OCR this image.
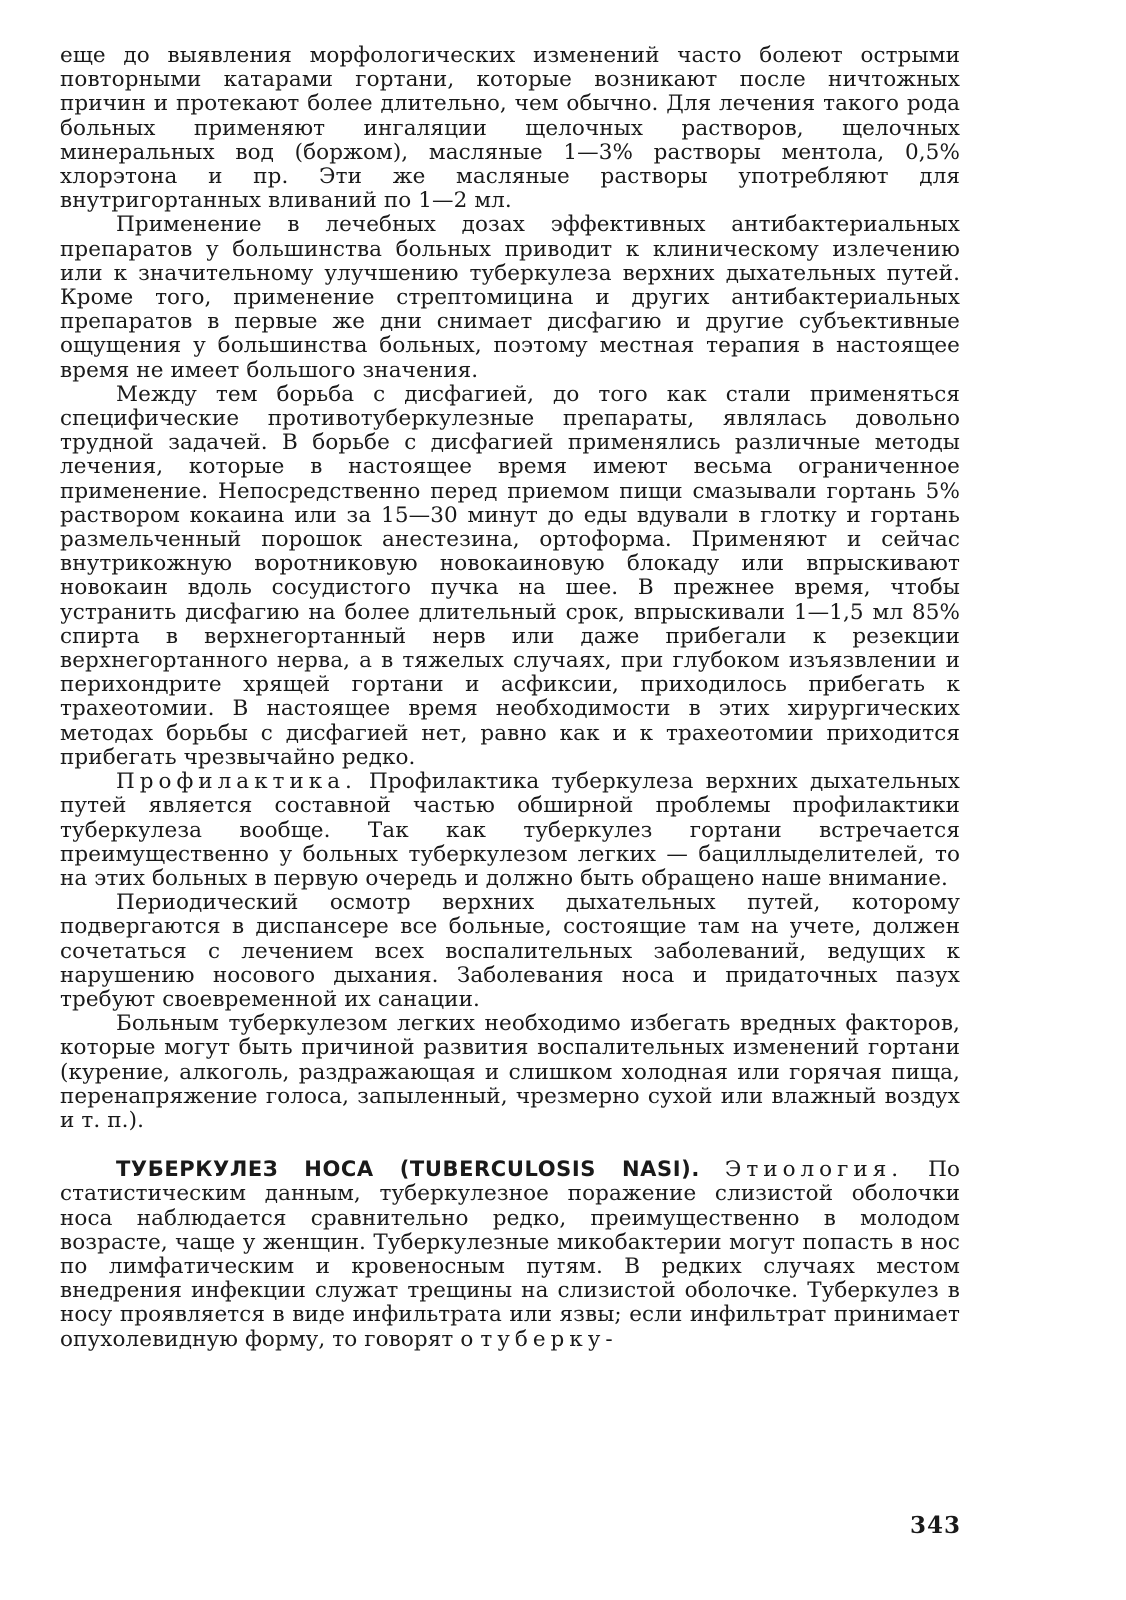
еще до выявления морфологических изменений часто болеют острыми повторными катарами гортани, которые возникают после ничтожных причин и протекают более длительно, чем обычно. Для лечения такого рода больных применяют ингаляции щелочных растворов, щелочных минеральных вод (боржом), масляные 1—3% растворы ментола, 0,5% хлорэтона и пр. Эти же масляные растворы употребляют для внутригортанных вливаний по 1—2 мл.

Применение в лечебных дозах эффективных антибактериальных препаратов у большинства больных приводит к клиническому излечению или к значительному улучшению туберкулеза верхних дыхательных путей. Кроме того, применение стрептомицина и других антибактериальных препаратов в первые же дни снимает дисфагию и другие субъективные ощущения у большинства больных, поэтому местная терапия в настоящее время не имеет большого значения.

Между тем борьба с дисфагией, до того как стали применяться специфические противотуберкулезные препараты, являлась довольно трудной задачей. В борьбе с дисфагией применялись различные методы лечения, которые в настоящее время имеют весьма ограниченное применение. Непосредственно перед приемом пищи смазывали гортань 5% раствором кокаина или за 15—30 минут до еды вдували в глотку и гортань размельченный порошок анестезина, ортоформа. Применяют и сейчас внутрикожную воротниковую новокаиновую блокаду или впрыскивают новокаин вдоль сосудистого пучка на шее. В прежнее время, чтобы устранить дисфагию на более длительный срок, впрыскивали 1—1,5 мл 85% спирта в верхнегортанный нерв или даже прибегали к резекции верхнегортанного нерва, а в тяжелых случаях, при глубоком изъязвлении и перихондрите хрящей гортани и асфиксии, приходилось прибегать к трахеотомии. В настоящее время необходимости в этих хирургических методах борьбы с дисфагией нет, равно как и к трахеотомии приходится прибегать чрезвычайно редко.

Профилактика. Профилактика туберкулеза верхних дыхательных путей является составной частью обширной проблемы профилактики туберкулеза вообще. Так как туберкулез гортани встречается преимущественно у больных туберкулезом легких — бациллыделителей, то на этих больных в первую очередь и должно быть обращено наше внимание.

Периодический осмотр верхних дыхательных путей, которому подвергаются в диспансере все больные, состоящие там на учете, должен сочетаться с лечением всех воспалительных заболеваний, ведущих к нарушению носового дыхания. Заболевания носа и придаточных пазух требуют своевременной их санации.

Больным туберкулезом легких необходимо избегать вредных факторов, которые могут быть причиной развития воспалительных изменений гортани (курение, алкоголь, раздражающая и слишком холодная или горячая пища, перенапряжение голоса, запыленный, чрезмерно сухой или влажный воздух и т. п.).

ТУБЕРКУЛЕЗ НОСА (TUBERCULOSIS NASI). Этиология. По статистическим данным, туберкулезное поражение слизистой оболочки носа наблюдается сравнительно редко, преимущественно в молодом возрасте, чаще у женщин. Туберкулезные микобактерии могут попасть в нос по лимфатическим и кровеносным путям. В редких случаях местом внедрения инфекции служат трещины на слизистой оболочке. Туберкулез в носу проявляется в виде инфильтрата или язвы; если инфильтрат принимает опухолевидную форму, то говорят о туберку-

343
